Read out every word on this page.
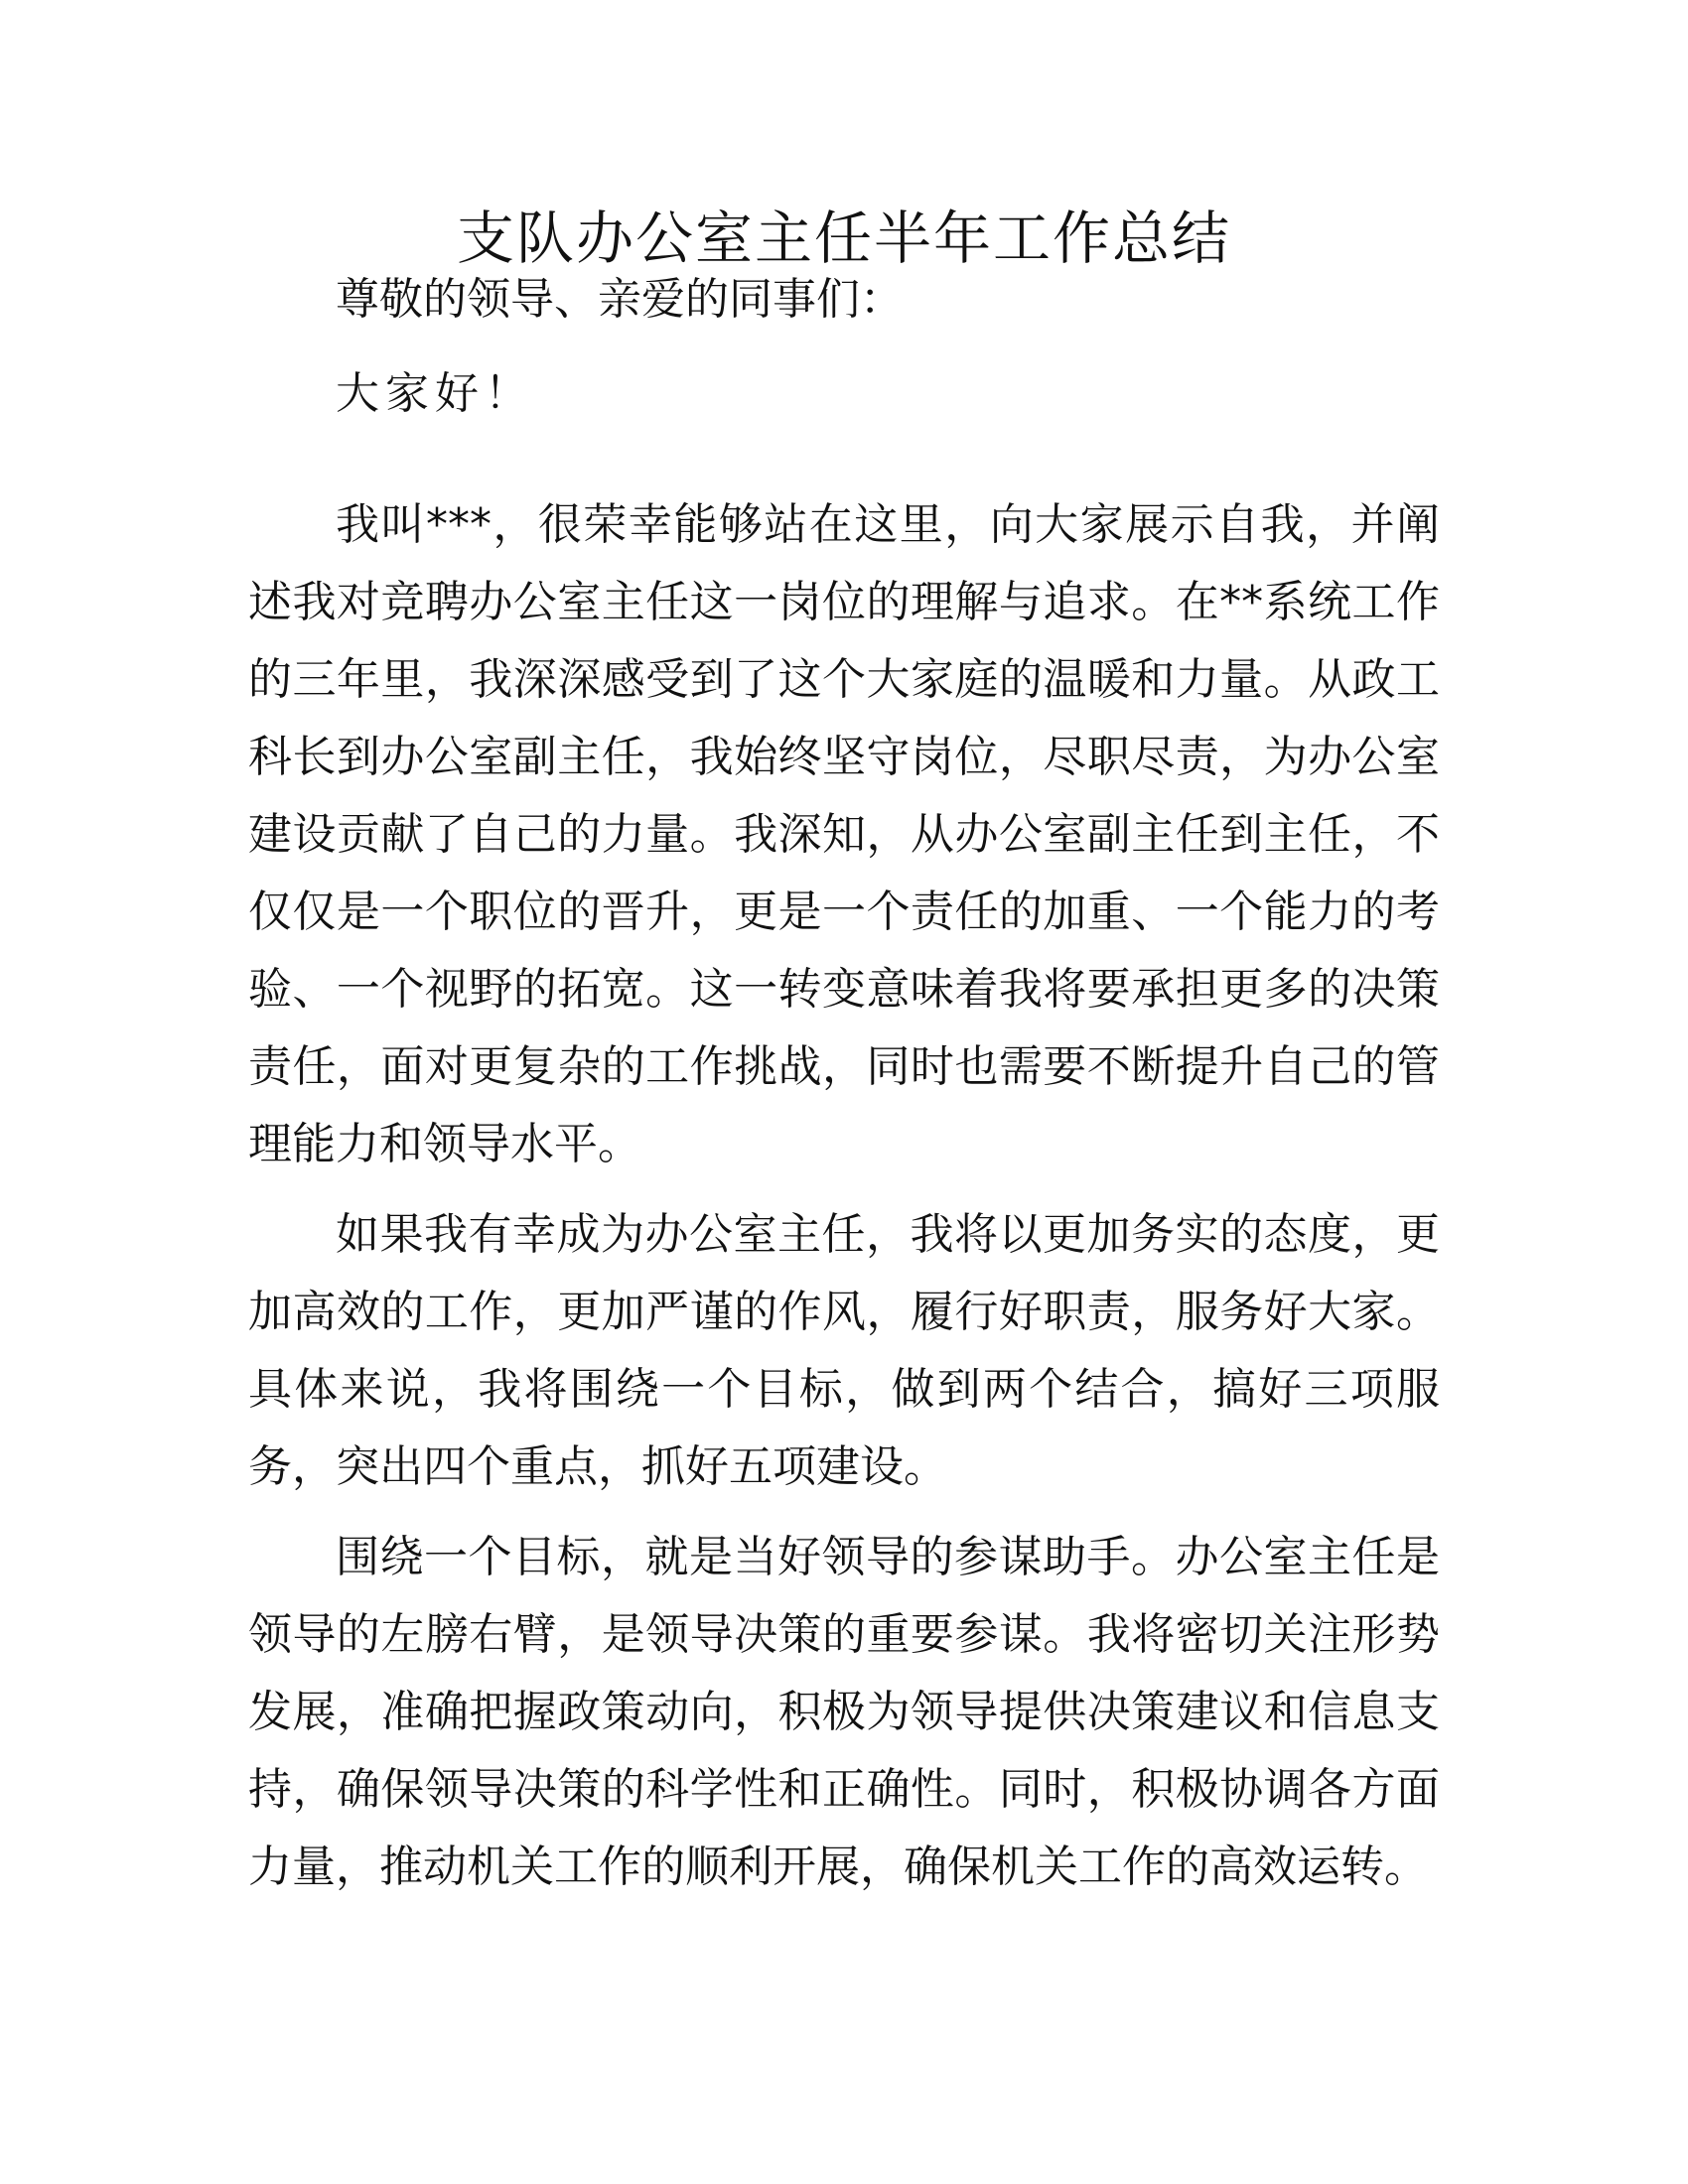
支队办公室主任半年工作总结

尊敬的领导、亲爱的同事们：

大家好！

我叫***，很荣幸能够站在这里，向大家展示自我，并阐述我对竞聘办公室主任这一岗位的理解与追求。在**系统工作的三年里，我深深感受到了这个大家庭的温暖和力量。从政工科长到办公室副主任，我始终坚守岗位，尽职尽责，为办公室建设贡献了自己的力量。我深知，从办公室副主任到主任，不仅仅是一个职位的晋升，更是一个责任的加重、一个能力的考验、一个视野的拓宽。这一转变意味着我将要承担更多的决策责任，面对更复杂的工作挑战，同时也需要不断提升自己的管理能力和领导水平。

如果我有幸成为办公室主任，我将以更加务实的态度，更加高效的工作，更加严谨的作风，履行好职责，服务好大家。具体来说，我将围绕一个目标，做到两个结合，搞好三项服务，突出四个重点，抓好五项建设。

围绕一个目标，就是当好领导的参谋助手。办公室主任是领导的左膀右臂，是领导决策的重要参谋。我将密切关注形势发展，准确把握政策动向，积极为领导提供决策建议和信息支持，确保领导决策的科学性和正确性。同时，积极协调各方面力量，推动机关工作的顺利开展，确保机关工作的高效运转。
